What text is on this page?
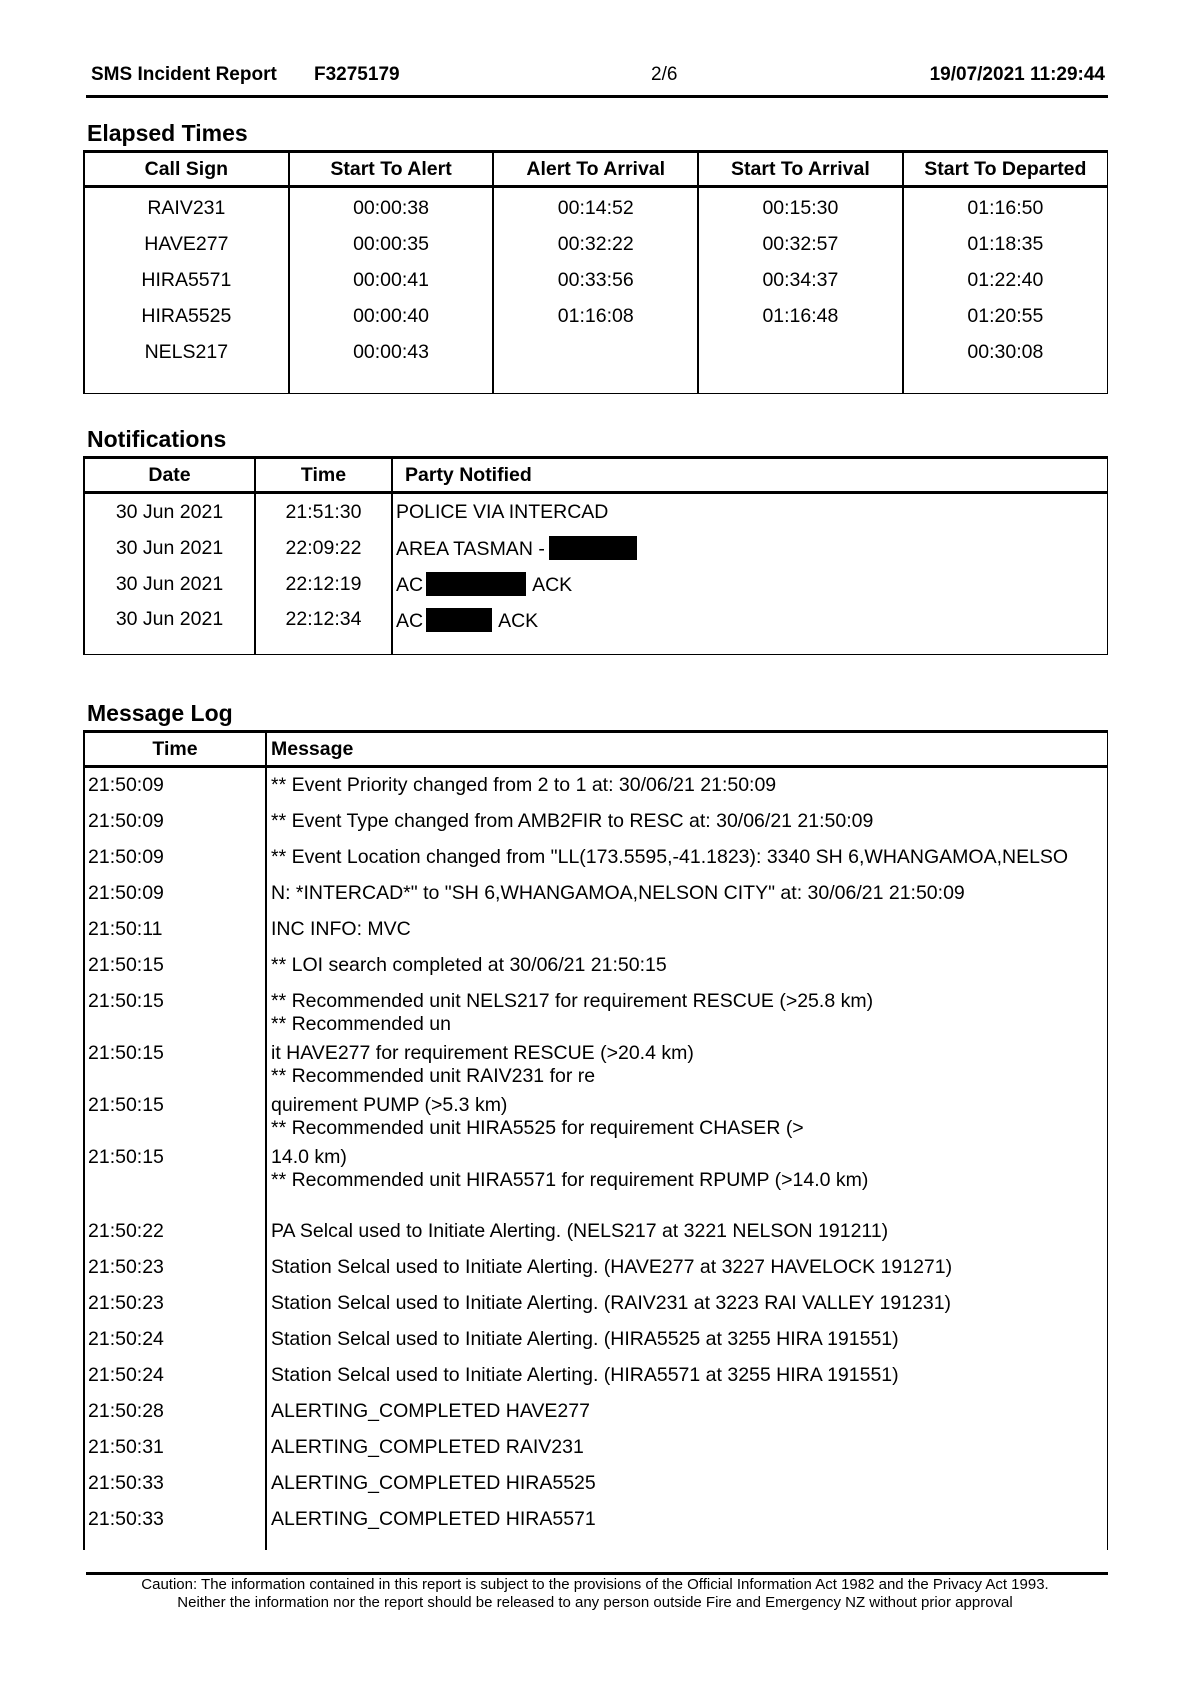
SMS Incident Report F3275179	2/6	19/07/2021 11:29:44
Elapsed Times
Call Sign	Start To Alert	Alert To Arrival	Start To Arrival	Start To Departed
RAIV231	00:00:38	00:14:52	00:15:30	01:16:50
HAVE277	00:00:35	00:32:22	00:32:57	01:18:35
HIRA5571	00:00:41	00:33:56	00:34:37	01:22:40
HIRA5525	00:00:40	01:16:08	01:16:48	01:20:55
NELS217	00:00:43			00:30:08
Notifications
Date	Time	Party Notified
30 Jun 2021	21:51:30	POLICE VIA INTERCAD
30 Jun 2021	22:09:22	AREA TASMAN -
30 Jun 2021	22:12:19	AC ACK
30 Jun 2021	22:12:34	AC ACK
Message Log
Time	Message
21:50:09	** Event Priority changed from 2 to 1 at: 30/06/21 21:50:09

21:50:09	** Event Type changed from AMB2FIR to RESC at: 30/06/21 21:50:09

21:50:09	** Event Location changed from "LL(173.5595,-41.1823): 3340 SH 6,WHANGAMOA,NELSO

21:50:09	N: *INTERCAD*" to "SH 6,WHANGAMOA,NELSON CITY" at: 30/06/21 21:50:09

21:50:11	INC INFO: MVC

21:50:15	** LOI search completed at 30/06/21 21:50:15

21:50:15	** Recommended unit NELS217 for requirement RESCUE (>25.8 km)
** Recommended un

21:50:15	it HAVE277 for requirement RESCUE (>20.4 km)
** Recommended unit RAIV231 for re

21:50:15	quirement PUMP (>5.3 km)
** Recommended unit HIRA5525 for requirement CHASER (>

21:50:15	14.0 km)
** Recommended unit HIRA5571 for requirement RPUMP (>14.0 km)

21:50:22	PA Selcal used to Initiate Alerting. (NELS217 at 3221 NELSON 191211)

21:50:23	Station Selcal used to Initiate Alerting. (HAVE277 at 3227 HAVELOCK 191271)

21:50:23	Station Selcal used to Initiate Alerting. (RAIV231 at 3223 RAI VALLEY 191231)

21:50:24	Station Selcal used to Initiate Alerting. (HIRA5525 at 3255 HIRA 191551)

21:50:24	Station Selcal used to Initiate Alerting. (HIRA5571 at 3255 HIRA 191551)

21:50:28	ALERTING_COMPLETED HAVE277

21:50:31	ALERTING_COMPLETED RAIV231

21:50:33	ALERTING_COMPLETED HIRA5525

21:50:33	ALERTING_COMPLETED HIRA5571
Caution: The information contained in this report is subject to the provisions of the Official Information Act 1982 and the Privacy Act 1993.
Neither the information nor the report should be released to any person outside Fire and Emergency NZ without prior approval
